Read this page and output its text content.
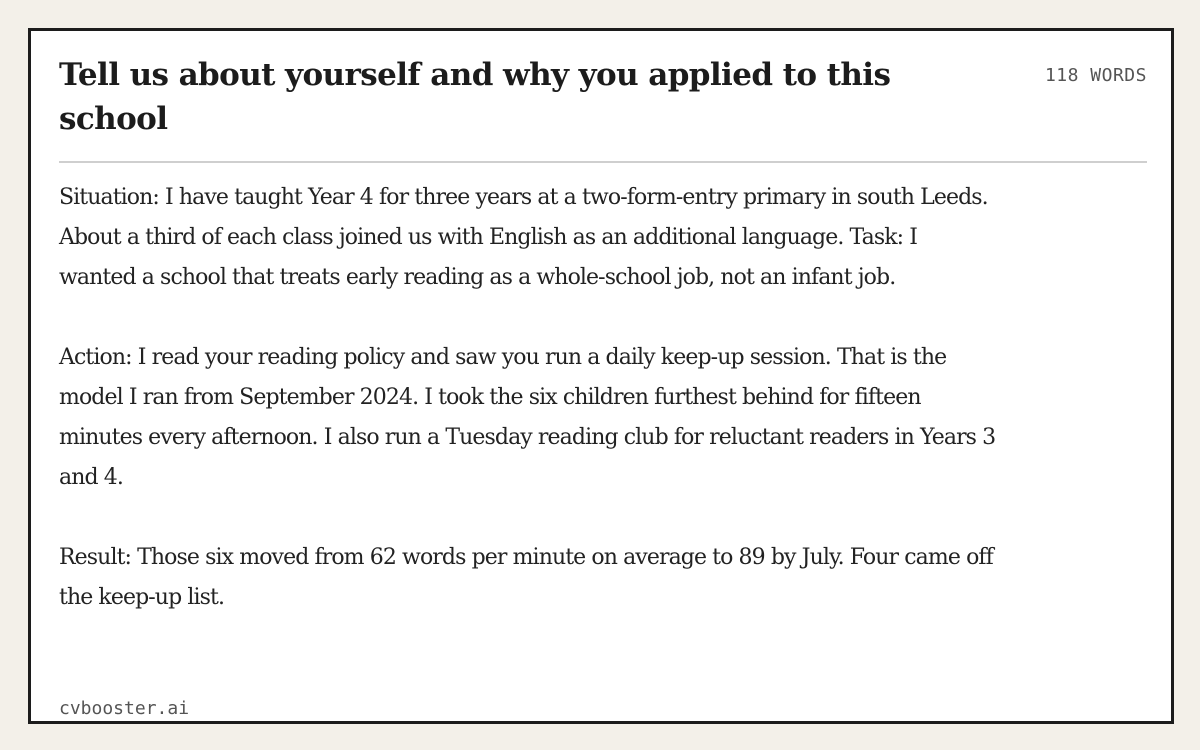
Tell us about yourself and why you applied to this school
118 WORDS

Situation: I have taught Year 4 for three years at a two-form-entry primary in south Leeds. About a third of each class joined us with English as an additional language. Task: I wanted a school that treats early reading as a whole-school job, not an infant job.

Action: I read your reading policy and saw you run a daily keep-up session. That is the model I ran from September 2024. I took the six children furthest behind for fifteen minutes every afternoon. I also run a Tuesday reading club for reluctant readers in Years 3 and 4.

Result: Those six moved from 62 words per minute on average to 89 by July. Four came off the keep-up list.

cvbooster.ai
